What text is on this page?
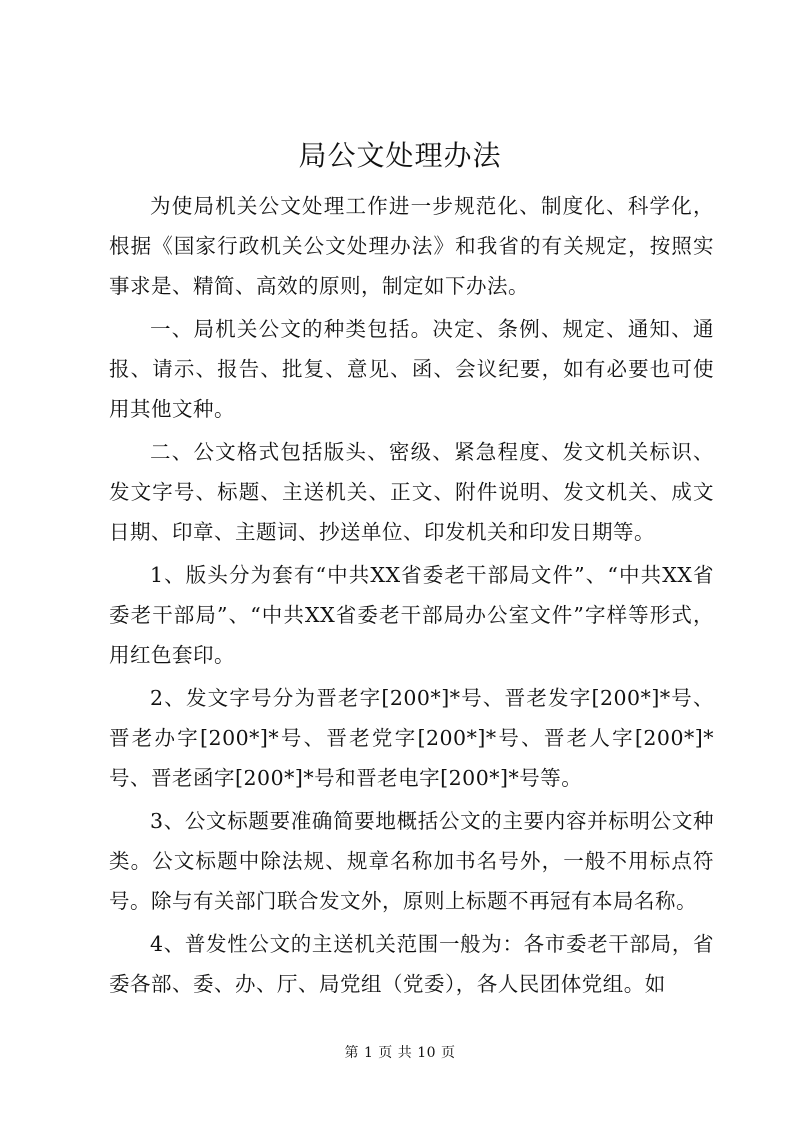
局公文处理办法

为使局机关公文处理工作进一步规范化、制度化、科学化，根据《国家行政机关公文处理办法》和我省的有关规定，按照实事求是、精简、高效的原则，制定如下办法。

一、局机关公文的种类包括。决定、条例、规定、通知、通报、请示、报告、批复、意见、函、会议纪要，如有必要也可使用其他文种。

二、公文格式包括版头、密级、紧急程度、发文机关标识、发文字号、标题、主送机关、正文、附件说明、发文机关、成文日期、印章、主题词、抄送单位、印发机关和印发日期等。

1、版头分为套有“中共XX省委老干部局文件”、“中共XX省委老干部局”、“中共XX省委老干部局办公室文件”字样等形式，用红色套印。

2、发文字号分为晋老字[200*]*号、晋老发字[200*]*号、晋老办字[200*]*号、晋老党字[200*]*号、晋老人字[200*]*号、晋老函字[200*]*号和晋老电字[200*]*号等。

3、公文标题要准确简要地概括公文的主要内容并标明公文种类。公文标题中除法规、规章名称加书名号外，一般不用标点符号。除与有关部门联合发文外，原则上标题不再冠有本局名称。

4、普发性公文的主送机关范围一般为：各市委老干部局，省委各部、委、办、厅、局党组（党委），各人民团体党组。如

第 1 页 共 10 页
